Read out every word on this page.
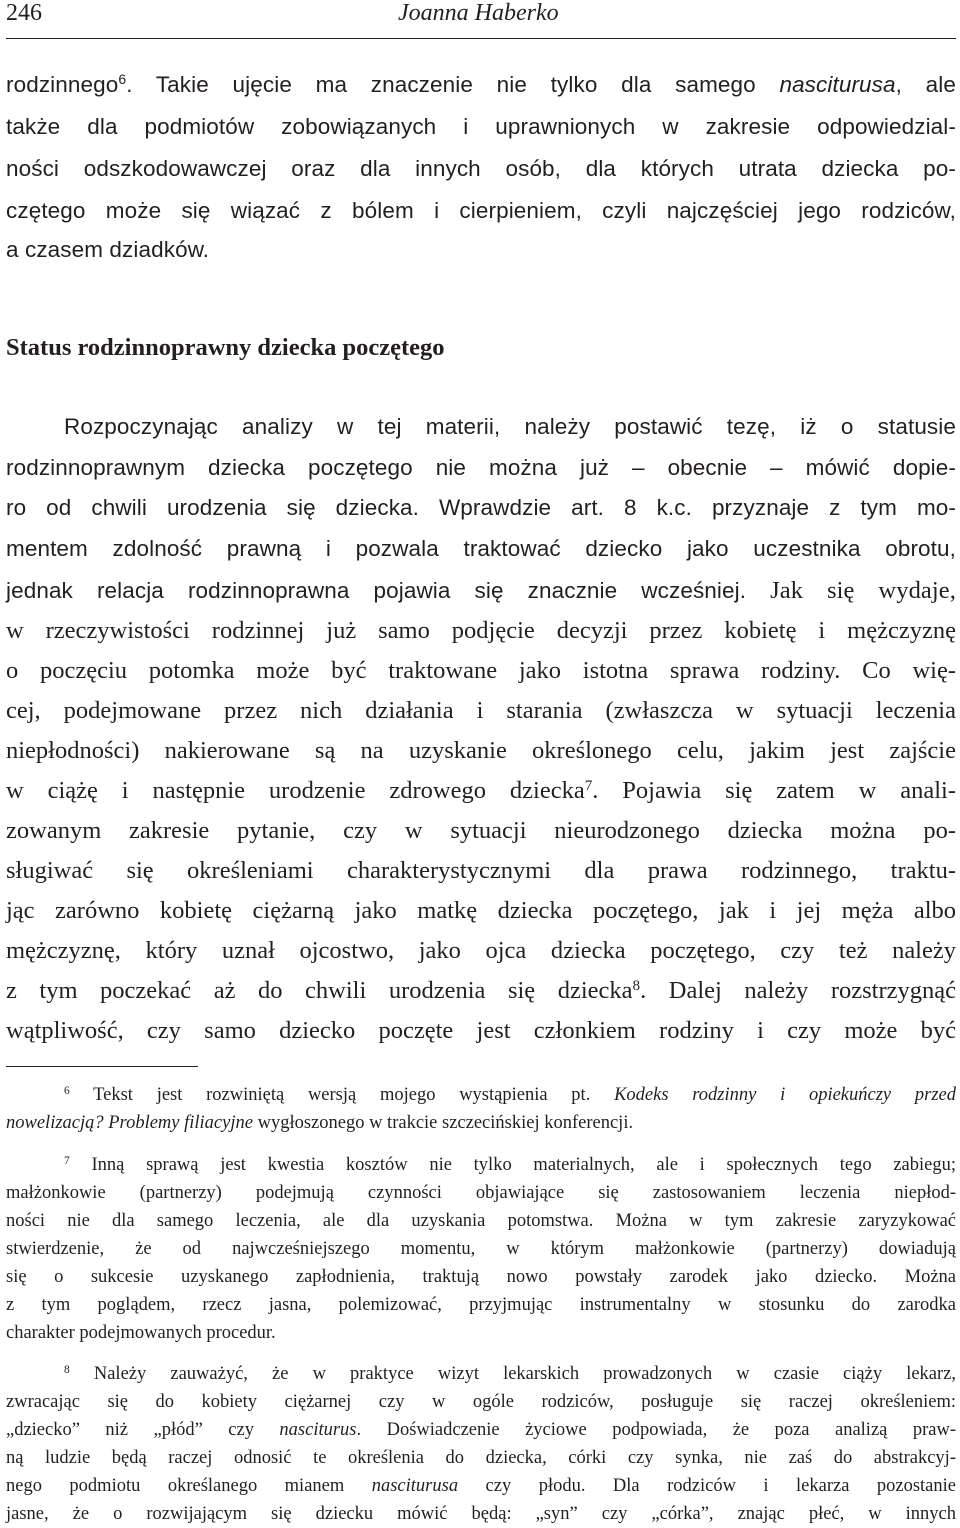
246	Joanna Haberko
rodzinnego$^6$. Takie ujęcie ma znaczenie nie tylko dla samego nasciturusa, ale
także dla podmiotów zobowiązanych i uprawnionych w zakresie odpowiedzial-
ności odszkodowawczej oraz dla innych osób, dla których utrata dziecka po-
czętego może się wiązać z bólem i cierpieniem, czyli najczęściej jego rodziców,
a czasem dziadków.
Status rodzinnoprawny dziecka poczętego
Rozpoczynając analizy w tej materii, należy postawić tezę, iż o statusie
rodzinnoprawnym dziecka poczętego nie można już – obecnie – mówić dopie-
ro od chwili urodzenia się dziecka. Wprawdzie art. 8 k.c. przyznaje z tym mo-
mentem zdolność prawną i pozwala traktować dziecko jako uczestnika obrotu,
jednak relacja rodzinnoprawna pojawia się znacznie wcześniej. Jak się wydaje,
w rzeczywistości rodzinnej już samo podjęcie decyzji przez kobietę i mężczyznę
o poczęciu potomka może być traktowane jako istotna sprawa rodziny. Co wię-
cej, podejmowane przez nich działania i starania (zwłaszcza w sytuacji leczenia
niepłodności) nakierowane są na uzyskanie określonego celu, jakim jest zajście
w ciążę i następnie urodzenie zdrowego dziecka$^7$. Pojawia się zatem w anali-
zowanym zakresie pytanie, czy w sytuacji nieurodzonego dziecka można po-
sługiwać się określeniami charakterystycznymi dla prawa rodzinnego, traktu-
jąc zarówno kobietę ciężarną jako matkę dziecka poczętego, jak i jej męża albo
mężczyznę, który uznał ojcostwo, jako ojca dziecka poczętego, czy też należy
z tym poczekać aż do chwili urodzenia się dziecka$^8$. Dalej należy rozstrzygnąć
wątpliwość, czy samo dziecko poczęte jest członkiem rodziny i czy może być
$^6$ Tekst jest rozwiniętą wersją mojego wystąpienia pt. Kodeks rodzinny i opiekuńczy przed
nowelizacją? Problemy filiacyjne wygłoszonego w trakcie szczecińskiej konferencji.
$^7$ Inną sprawą jest kwestia kosztów nie tylko materialnych, ale i społecznych tego zabiegu;
małżonkowie (partnerzy) podejmują czynności objawiające się zastosowaniem leczenia niepłod-
ności nie dla samego leczenia, ale dla uzyskania potomstwa. Można w tym zakresie zaryzykować
stwierdzenie, że od najwcześniejszego momentu, w którym małżonkowie (partnerzy) dowiadują
się o sukcesie uzyskanego zapłodnienia, traktują nowo powstały zarodek jako dziecko. Można
z tym poglądem, rzecz jasna, polemizować, przyjmując instrumentalny w stosunku do zarodka
charakter podejmowanych procedur.
$^8$ Należy zauważyć, że w praktyce wizyt lekarskich prowadzonych w czasie ciąży lekarz,
zwracając się do kobiety ciężarnej czy w ogóle rodziców, posługuje się raczej określeniem:
„dziecko” niż „płód” czy nasciturus. Doświadczenie życiowe podpowiada, że poza analizą praw-
ną ludzie będą raczej odnosić te określenia do dziecka, córki czy synka, nie zaś do abstrakcyj-
nego podmiotu określanego mianem nasciturusa czy płodu. Dla rodziców i lekarza pozostanie
jasne, że o rozwijającym się dziecku mówić będą: „syn” czy „córka”, znając płeć, w innych
